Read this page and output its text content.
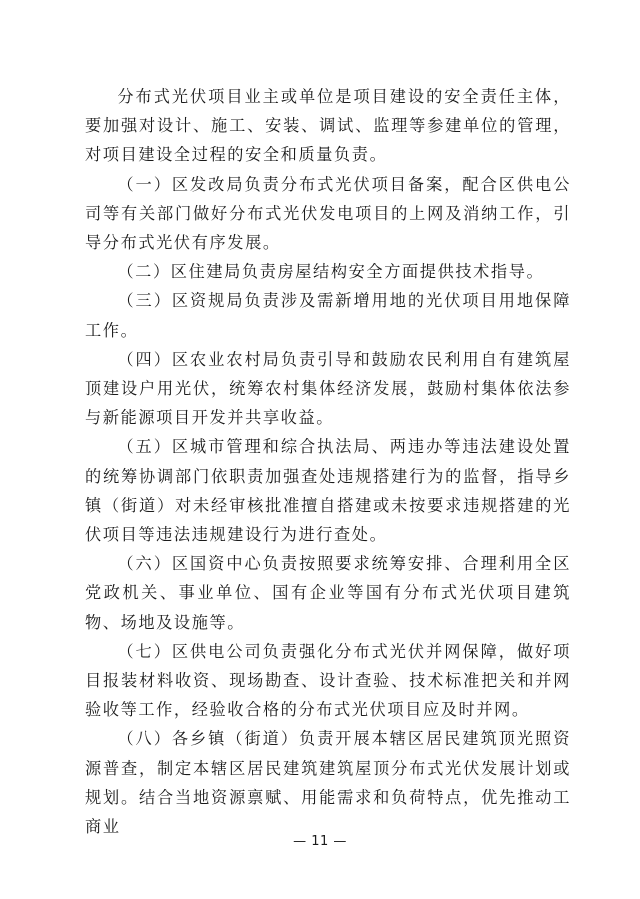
分布式光伏项目业主或单位是项目建设的安全责任主体，要加强对设计、施工、安装、调试、监理等参建单位的管理，对项目建设全过程的安全和质量负责。

（一）区发改局负责分布式光伏项目备案，配合区供电公司等有关部门做好分布式光伏发电项目的上网及消纳工作，引导分布式光伏有序发展。

（二）区住建局负责房屋结构安全方面提供技术指导。

（三）区资规局负责涉及需新增用地的光伏项目用地保障工作。

（四）区农业农村局负责引导和鼓励农民利用自有建筑屋顶建设户用光伏，统筹农村集体经济发展，鼓励村集体依法参与新能源项目开发并共享收益。

（五）区城市管理和综合执法局、两违办等违法建设处置的统筹协调部门依职责加强查处违规搭建行为的监督，指导乡镇（街道）对未经审核批准擅自搭建或未按要求违规搭建的光伏项目等违法违规建设行为进行查处。

（六）区国资中心负责按照要求统筹安排、合理利用全区党政机关、事业单位、国有企业等国有分布式光伏项目建筑物、场地及设施等。

（七）区供电公司负责强化分布式光伏并网保障，做好项目报装材料收资、现场勘查、设计查验、技术标准把关和并网验收等工作，经验收合格的分布式光伏项目应及时并网。

（八）各乡镇（街道）负责开展本辖区居民建筑顶光照资源普查，制定本辖区居民建筑建筑屋顶分布式光伏发展计划或规划。结合当地资源禀赋、用能需求和负荷特点，优先推动工商业

— 11 —
